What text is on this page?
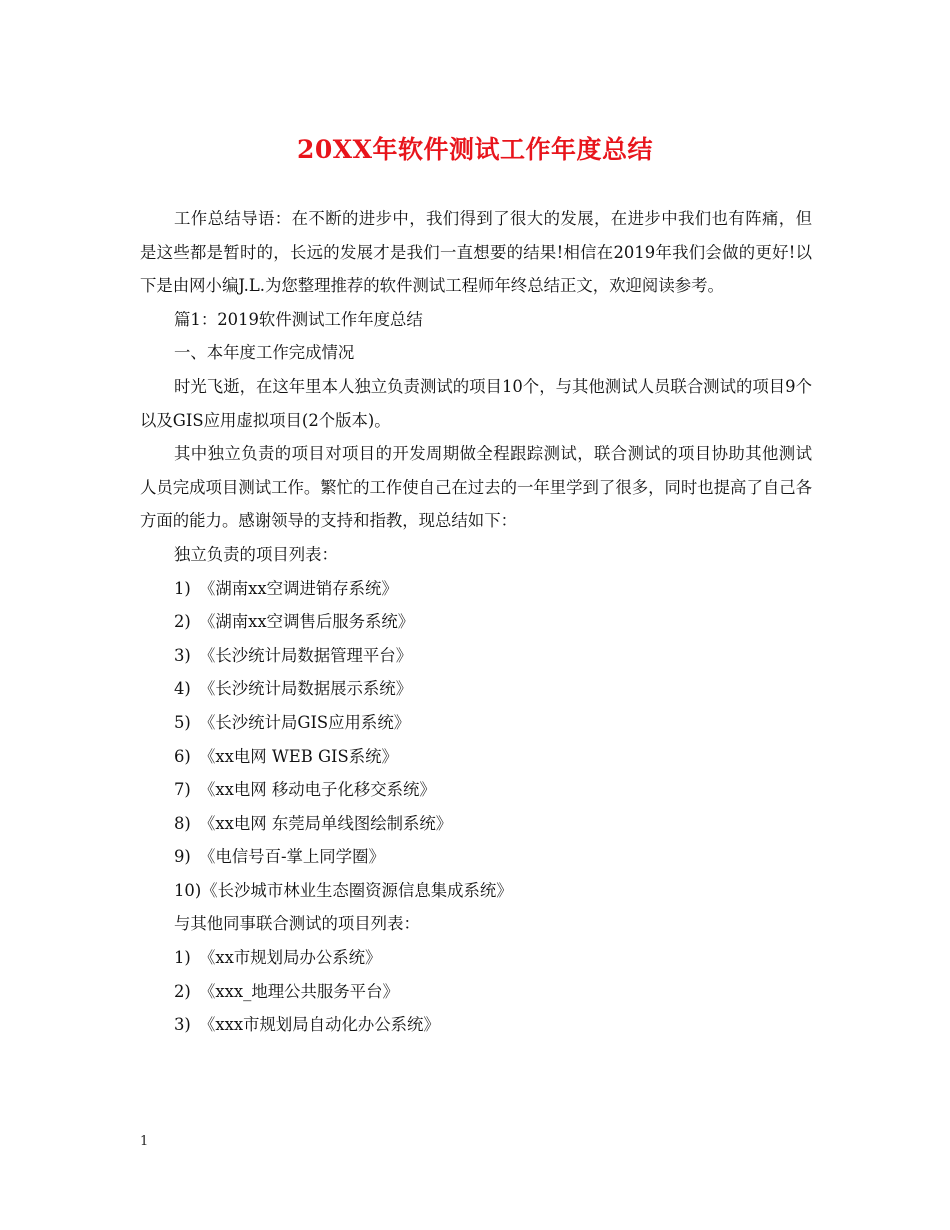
20XX年软件测试工作年度总结

工作总结导语：在不断的进步中，我们得到了很大的发展，在进步中我们也有阵痛，但是这些都是暂时的，长远的发展才是我们一直想要的结果!相信在2019年我们会做的更好!以下是由网小编J.L.为您整理推荐的软件测试工程师年终总结正文，欢迎阅读参考。

篇1：2019软件测试工作年度总结

一、本年度工作完成情况

时光飞逝，在这年里本人独立负责测试的项目10个，与其他测试人员联合测试的项目9个以及GIS应用虚拟项目(2个版本)。

其中独立负责的项目对项目的开发周期做全程跟踪测试，联合测试的项目协助其他测试人员完成项目测试工作。繁忙的工作使自己在过去的一年里学到了很多，同时也提高了自己各方面的能力。感谢领导的支持和指教，现总结如下：

独立负责的项目列表：

1)　《湖南xx空调进销存系统》

2)　《湖南xx空调售后服务系统》

3)　《长沙统计局数据管理平台》

4)　《长沙统计局数据展示系统》

5)　《长沙统计局GIS应用系统》

6)　《xx电网 WEB GIS系统》

7)　《xx电网 移动电子化移交系统》

8)　《xx电网 东莞局单线图绘制系统》

9)　《电信号百-掌上同学圈》

10)《长沙城市林业生态圈资源信息集成系统》

与其他同事联合测试的项目列表：

1)　《xx市规划局办公系统》

2)　《xxx_地理公共服务平台》

3)　《xxx市规划局自动化办公系统》

1
